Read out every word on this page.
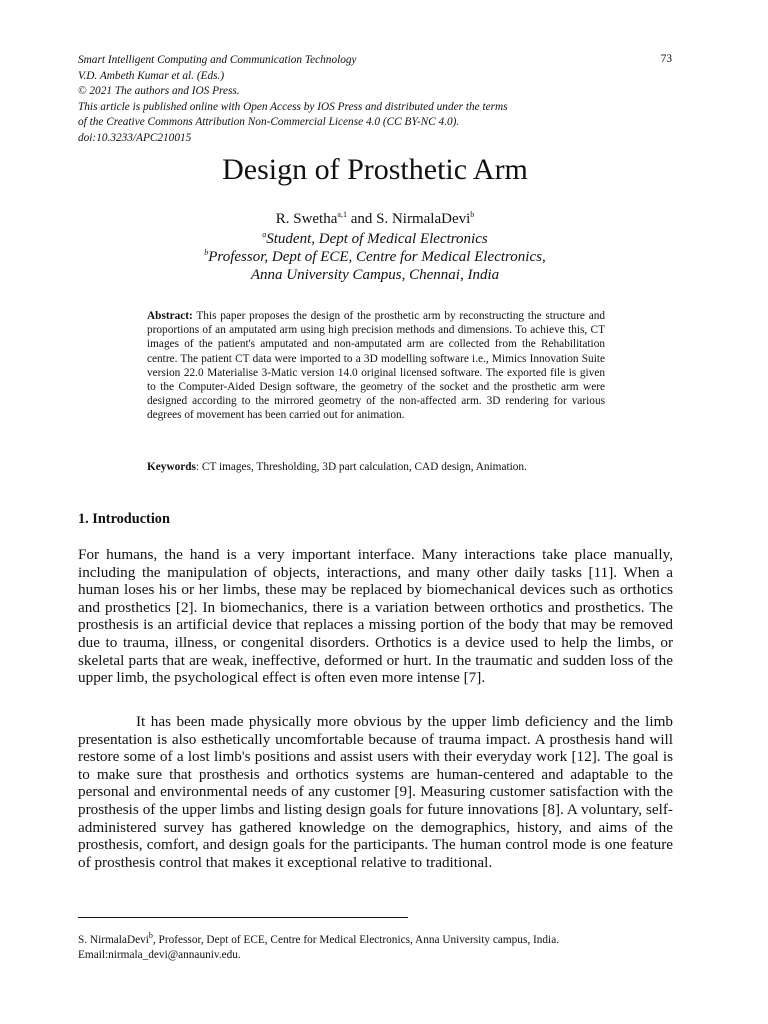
Smart Intelligent Computing and Communication Technology
V.D. Ambeth Kumar et al. (Eds.)
© 2021 The authors and IOS Press.
This article is published online with Open Access by IOS Press and distributed under the terms
of the Creative Commons Attribution Non-Commercial License 4.0 (CC BY-NC 4.0).
doi:10.3233/APC210015
73
Design of Prosthetic Arm
R. Swetha$^{a,1}$ and S. NirmalaDevi$^b$
$^a$Student, Dept of Medical Electronics
$^b$Professor, Dept of ECE, Centre for Medical Electronics,
Anna University Campus, Chennai, India

Abstract: This paper proposes the design of the prosthetic arm by reconstructing the structure and proportions of an amputated arm using high precision methods and dimensions. To achieve this, CT images of the patient's amputated and non-amputated arm are collected from the Rehabilitation centre. The patient CT data were imported to a 3D modelling software i.e., Mimics Innovation Suite version 22.0 Materialise 3-Matic version 14.0 original licensed software. The exported file is given to the Computer-Aided Design software, the geometry of the socket and the prosthetic arm were designed according to the mirrored geometry of the non-affected arm. 3D rendering for various degrees of movement has been carried out for animation.

Keywords: CT images, Thresholding, 3D part calculation, CAD design, Animation.

1. Introduction

For humans, the hand is a very important interface. Many interactions take place manually, including the manipulation of objects, interactions, and many other daily tasks [11]. When a human loses his or her limbs, these may be replaced by biomechanical devices such as orthotics and prosthetics [2]. In biomechanics, there is a variation between orthotics and prosthetics. The prosthesis is an artificial device that replaces a missing portion of the body that may be removed due to trauma, illness, or congenital disorders. Orthotics is a device used to help the limbs, or skeletal parts that are weak, ineffective, deformed or hurt. In the traumatic and sudden loss of the upper limb, the psychological effect is often even more intense [7].

It has been made physically more obvious by the upper limb deficiency and the limb presentation is also esthetically uncomfortable because of trauma impact. A prosthesis hand will restore some of a lost limb's positions and assist users with their everyday work [12]. The goal is to make sure that prosthesis and orthotics systems are human-centered and adaptable to the personal and environmental needs of any customer [9]. Measuring customer satisfaction with the prosthesis of the upper limbs and listing design goals for future innovations [8]. A voluntary, self-administered survey has gathered knowledge on the demographics, history, and aims of the prosthesis, comfort, and design goals for the participants. The human control mode is one feature of prosthesis control that makes it exceptional relative to traditional.

S. NirmalaDevi$^b$, Professor, Dept of ECE, Centre for Medical Electronics, Anna University campus, India.
Email:nirmala_devi@annauniv.edu.
